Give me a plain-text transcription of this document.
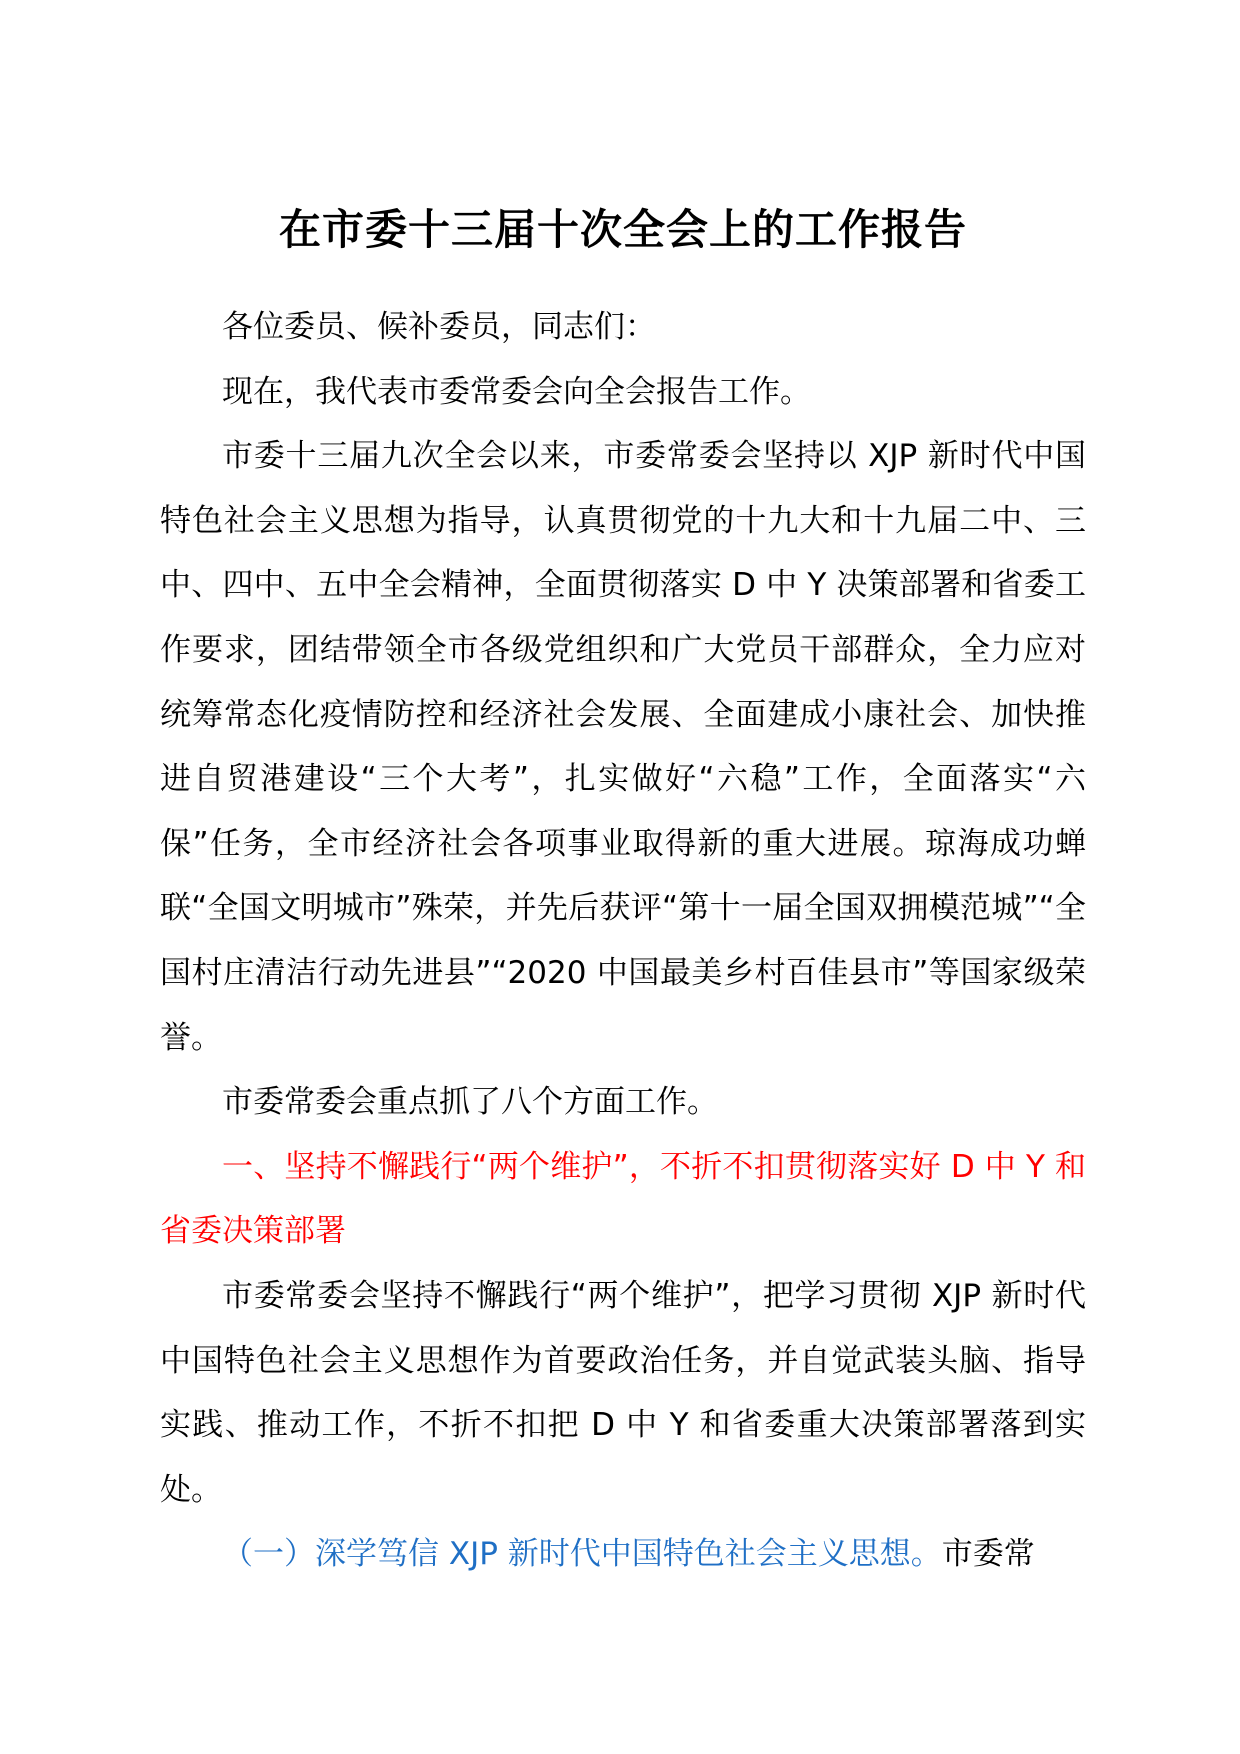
在市委十三届十次全会上的工作报告

各位委员、候补委员，同志们：

现在，我代表市委常委会向全会报告工作。

市委十三届九次全会以来，市委常委会坚持以 XJP 新时代中国特色社会主义思想为指导，认真贯彻党的十九大和十九届二中、三中、四中、五中全会精神，全面贯彻落实 D 中 Y 决策部署和省委工作要求，团结带领全市各级党组织和广大党员干部群众，全力应对统筹常态化疫情防控和经济社会发展、全面建成小康社会、加快推进自贸港建设“三个大考”，扎实做好“六稳”工作，全面落实“六保”任务，全市经济社会各项事业取得新的重大进展。琼海成功蝉联“全国文明城市”殊荣，并先后获评“第十一届全国双拥模范城”“全国村庄清洁行动先进县”“2020 中国最美乡村百佳县市”等国家级荣誉。

市委常委会重点抓了八个方面工作。

一、坚持不懈践行“两个维护”，不折不扣贯彻落实好 D 中 Y 和省委决策部署

市委常委会坚持不懈践行“两个维护”，把学习贯彻 XJP 新时代中国特色社会主义思想作为首要政治任务，并自觉武装头脑、指导实践、推动工作，不折不扣把 D 中 Y 和省委重大决策部署落到实处。

（一）深学笃信 XJP 新时代中国特色社会主义思想。市委常
